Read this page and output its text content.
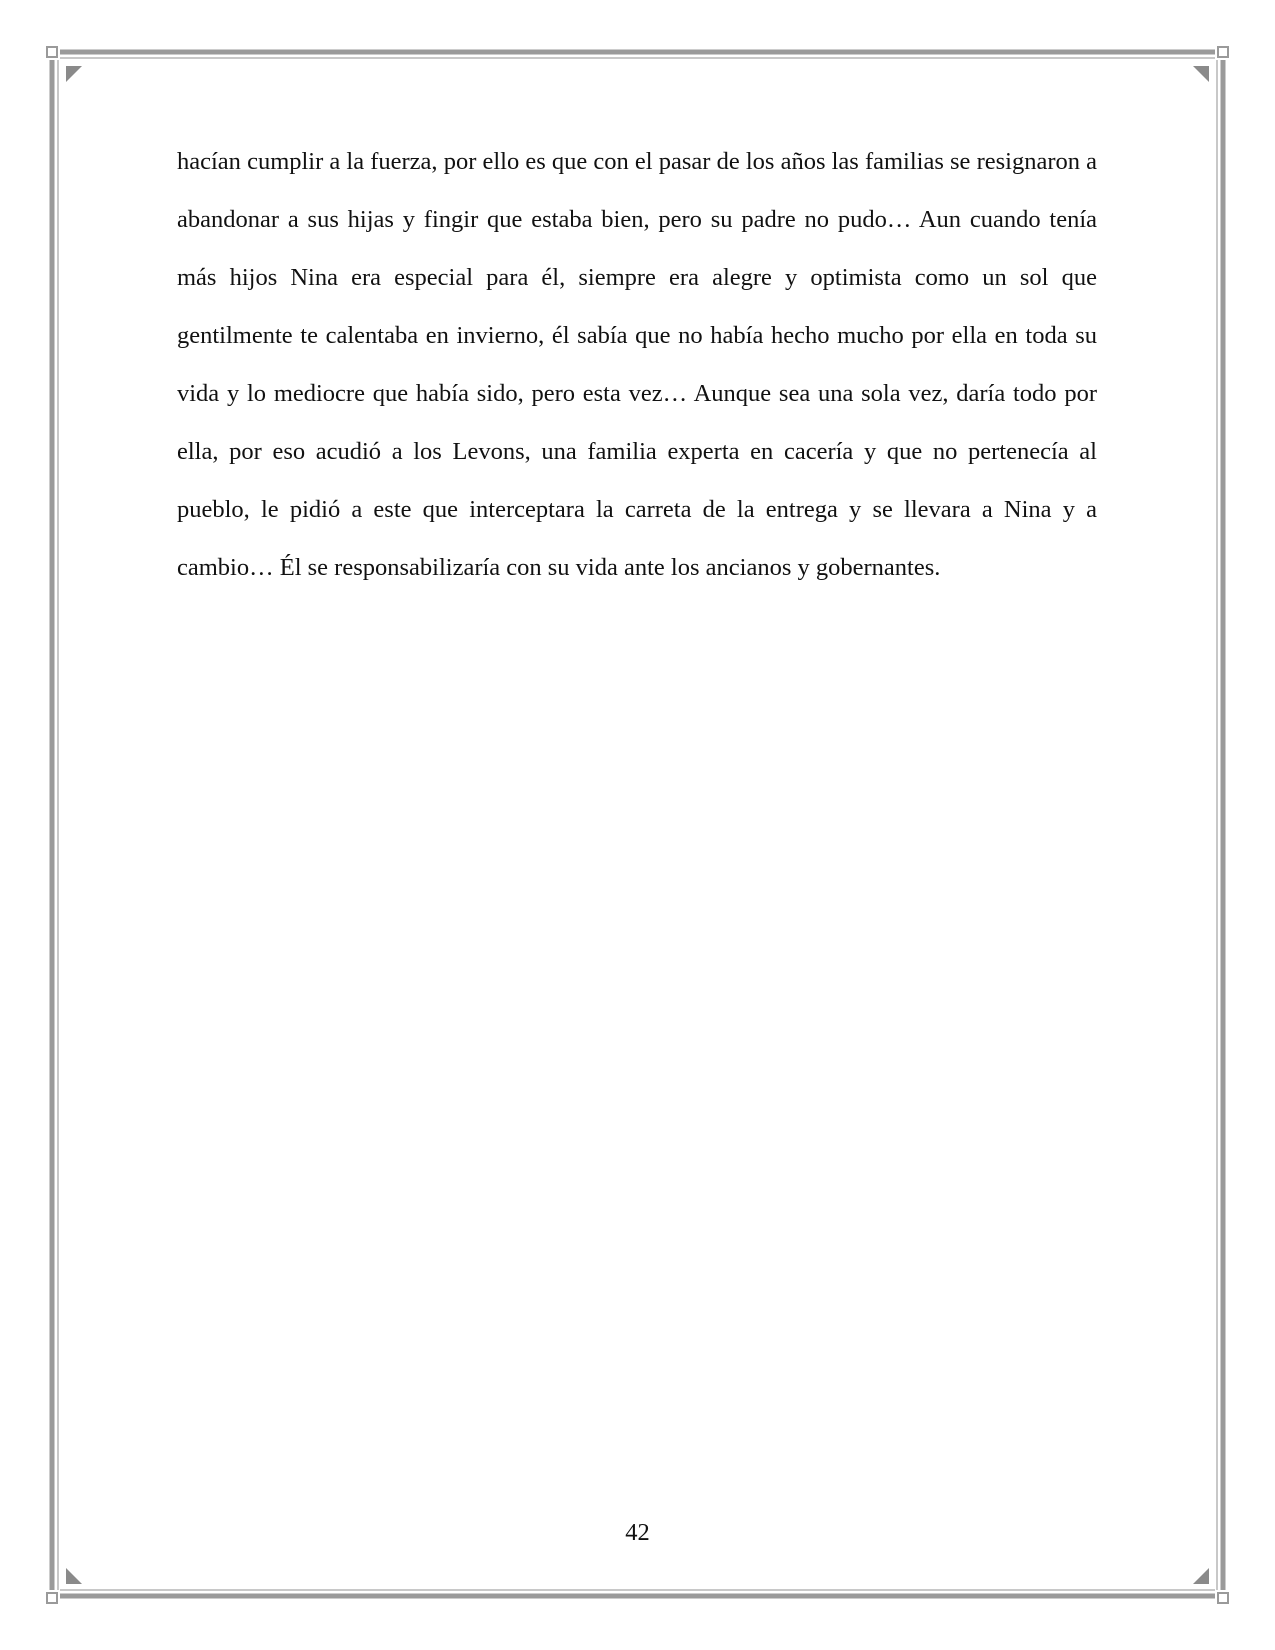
hacían cumplir a la fuerza, por ello es que con el pasar de los años las familias se resignaron a abandonar a sus hijas y fingir que estaba bien, pero su padre no pudo… Aun cuando tenía más hijos Nina era especial para él, siempre era alegre y optimista como un sol que gentilmente te calentaba en invierno, él sabía que no había hecho mucho por ella en toda su vida y lo mediocre que había sido, pero esta vez… Aunque sea una sola vez, daría todo por ella, por eso acudió a los Levons, una familia experta en cacería y que no pertenecía al pueblo, le pidió a este que interceptara la carreta de la entrega y se llevara a Nina y a cambio… Él se responsabilizaría con su vida ante los ancianos y gobernantes.

42
